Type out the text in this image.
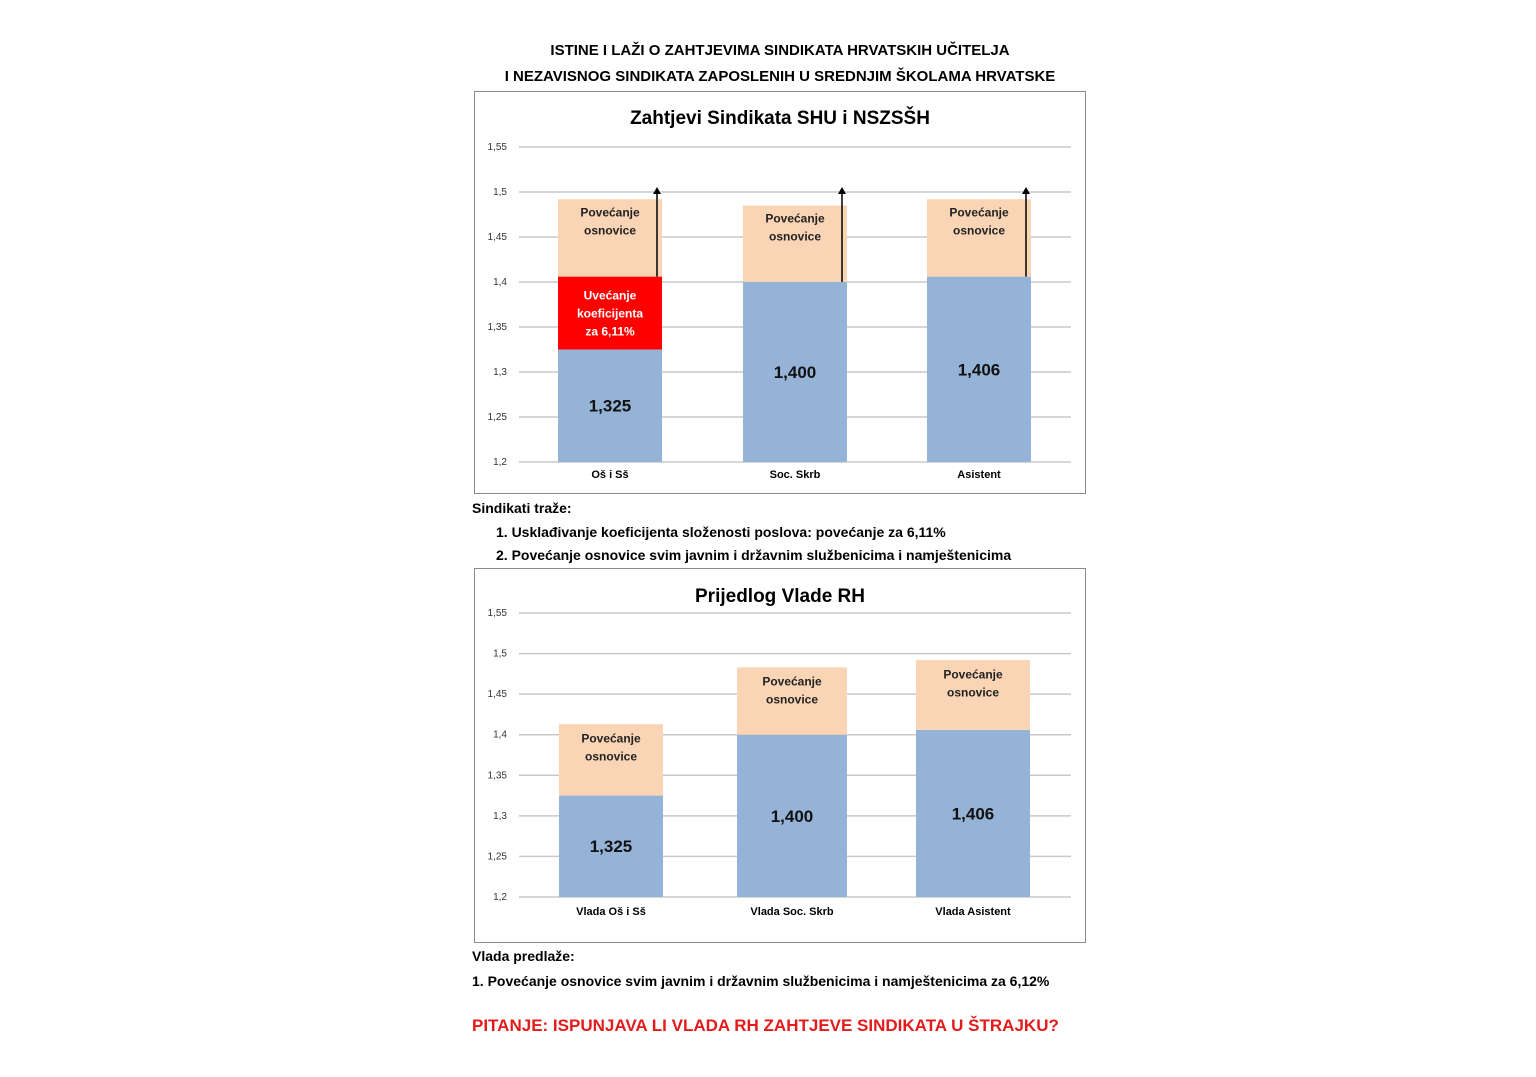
ISTINE I LAŽI O ZAHTJEVIMA SINDIKATA HRVATSKIH UČITELJA
I NEZAVISNOG SINDIKATA ZAPOSLENIH U SREDNJIM ŠKOLAMA HRVATSKE
Zahtjevi Sindikata SHU i NSZSŠH
1,2
1,25
1,3
1,35
1,4
1,45
1,5
1,55
1,325
Uvećanje
koeficijenta
za 6,11%
Povećanje
osnovice
Oš i Sš
1,400
Povećanje
osnovice
Soc. Skrb
1,406
Povećanje
osnovice
Asistent
Sindikati traže:
1. Usklađivanje koeficijenta složenosti poslova: povećanje za 6,11%
2. Povećanje osnovice svim javnim i državnim službenicima i namještenicima
Prijedlog Vlade RH
1,2
1,25
1,3
1,35
1,4
1,45
1,5
1,55
1,325
Povećanje
osnovice
Vlada Oš i Sš
1,400
Povećanje
osnovice
Vlada Soc. Skrb
1,406
Povećanje
osnovice
Vlada Asistent
Vlada predlaže:
1. Povećanje osnovice svim javnim i državnim službenicima i namještenicima za 6,12%
PITANJE: ISPUNJAVA LI VLADA RH ZAHTJEVE SINDIKATA U ŠTRAJKU?
